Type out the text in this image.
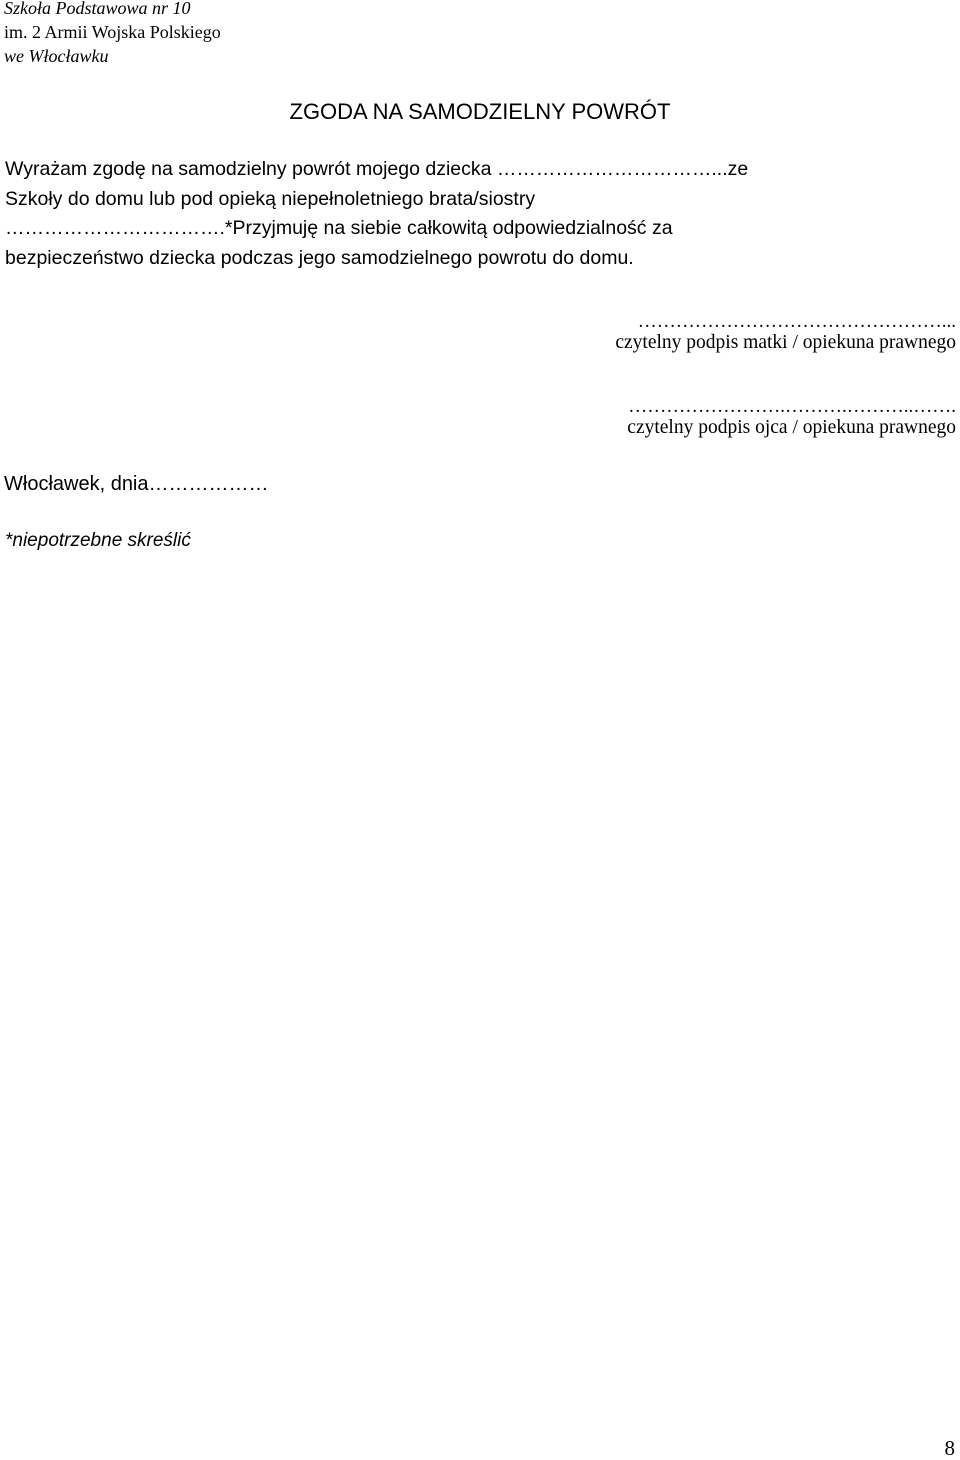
Szkoła Podstawowa nr 10
im. 2 Armii Wojska Polskiego
we Włocławku
ZGODA NA SAMODZIELNY POWRÓT
Wyrażam zgodę na samodzielny powrót mojego dziecka ……………………………...ze
Szkoły do domu lub pod opieką niepełnoletniego brata/siostry
…………………………….*Przyjmuję na siebie całkowitą odpowiedzialność za
bezpieczeństwo dziecka podczas jego samodzielnego powrotu do domu.
…………………………………………...
czytelny podpis matki / opiekuna prawnego
…………………….……….………..…….
czytelny podpis ojca / opiekuna prawnego
Włocławek, dnia………………
*niepotrzebne skreślić
8
